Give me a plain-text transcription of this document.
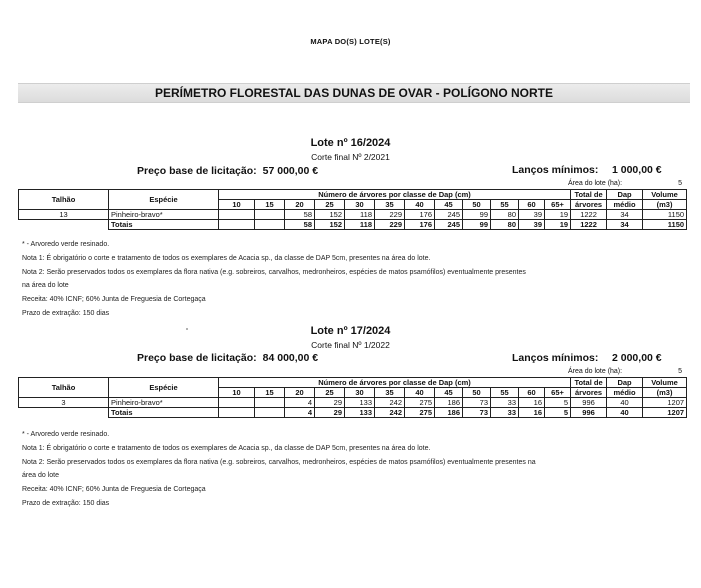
MAPA DO(S) LOTE(S)
PERÍMETRO FLORESTAL DAS DUNAS DE OVAR - POLÍGONO NORTE
Lote nº 16/2024
Corte final Nº 2/2021
Preço base de licitação: 57 000,00 €	Lanços mínimos: 1 000,00 €
Área do lote (ha):	5
Talhão	Espécie	Número de árvores por classe de Dap (cm)												Total de	Dap	Volume
		10	15	20	25	30	35	40	45	50	55	60	65+	árvores	médio	(m3)
13	Pinheiro-bravo*			58	152	118	229	176	245	99	80	39	19	1222	34	1150
	Totais			58	152	118	229	176	245	99	80	39	19	1222	34	1150
* - Arvoredo verde resinado.
Nota 1: É obrigatório o corte e tratamento de todos os exemplares de Acacia sp., da classe de DAP 5cm, presentes na área do lote.
Nota 2: Serão preservados todos os exemplares da flora nativa (e.g. sobreiros, carvalhos, medronheiros, espécies de matos psamófilos) eventualmente presentes
na área do lote
Receita: 40% ICNF; 60% Junta de Freguesia de Cortegaça
Prazo de extração: 150 dias
Lote nº 17/2024
Corte final Nº 1/2022
Preço base de licitação: 84 000,00 €	Lanços mínimos: 2 000,00 €
Área do lote (ha):	5
Talhão	Espécie	Número de árvores por classe de Dap (cm)												Total de	Dap	Volume
		10	15	20	25	30	35	40	45	50	55	60	65+	árvores	médio	(m3)
3	Pinheiro-bravo*			4	29	133	242	275	186	73	33	16	5	996	40	1207
	Totais			4	29	133	242	275	186	73	33	16	5	996	40	1207
* - Arvoredo verde resinado.
Nota 1: É obrigatório o corte e tratamento de todos os exemplares de Acacia sp., da classe de DAP 5cm, presentes na área do lote.
Nota 2: Serão preservados todos os exemplares da flora nativa (e.g. sobreiros, carvalhos, medronheiros, espécies de matos psamófilos) eventualmente presentes na
área do lote
Receita: 40% ICNF; 60% Junta de Freguesia de Cortegaça
Prazo de extração: 150 dias
